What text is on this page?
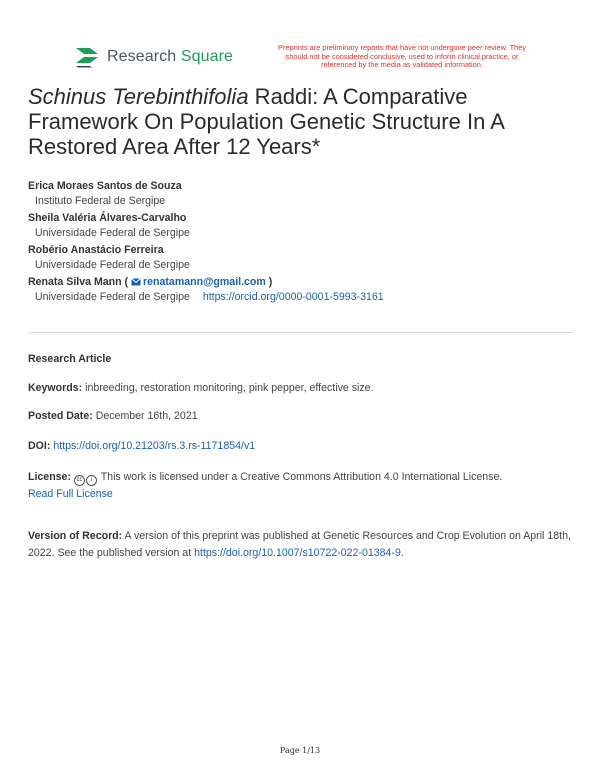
Research Square
Preprints are preliminary reports that have not undergone peer review. They should not be considered conclusive, used to inform clinical practice, or referenced by the media as validated information.
Schinus Terebinthifolia Raddi: A Comparative Framework On Population Genetic Structure In A Restored Area After 12 Years*
Erica Moraes Santos de Souza
Instituto Federal de Sergipe
Sheila Valéria Álvares-Carvalho
Universidade Federal de Sergipe
Robério Anastácio Ferreira
Universidade Federal de Sergipe
Renata Silva Mann ( renatamann@gmail.com )
Universidade Federal de Sergipe https://orcid.org/0000-0001-5993-3161
Research Article
Keywords: inbreeding, restoration monitoring, pink pepper, effective size.
Posted Date: December 16th, 2021
DOI: https://doi.org/10.21203/rs.3.rs-1171854/v1
License: cc i This work is licensed under a Creative Commons Attribution 4.0 International License.
Read Full License
Version of Record: A version of this preprint was published at Genetic Resources and Crop Evolution on April 18th, 2022. See the published version at https://doi.org/10.1007/s10722-022-01384-9.
Page 1/13
